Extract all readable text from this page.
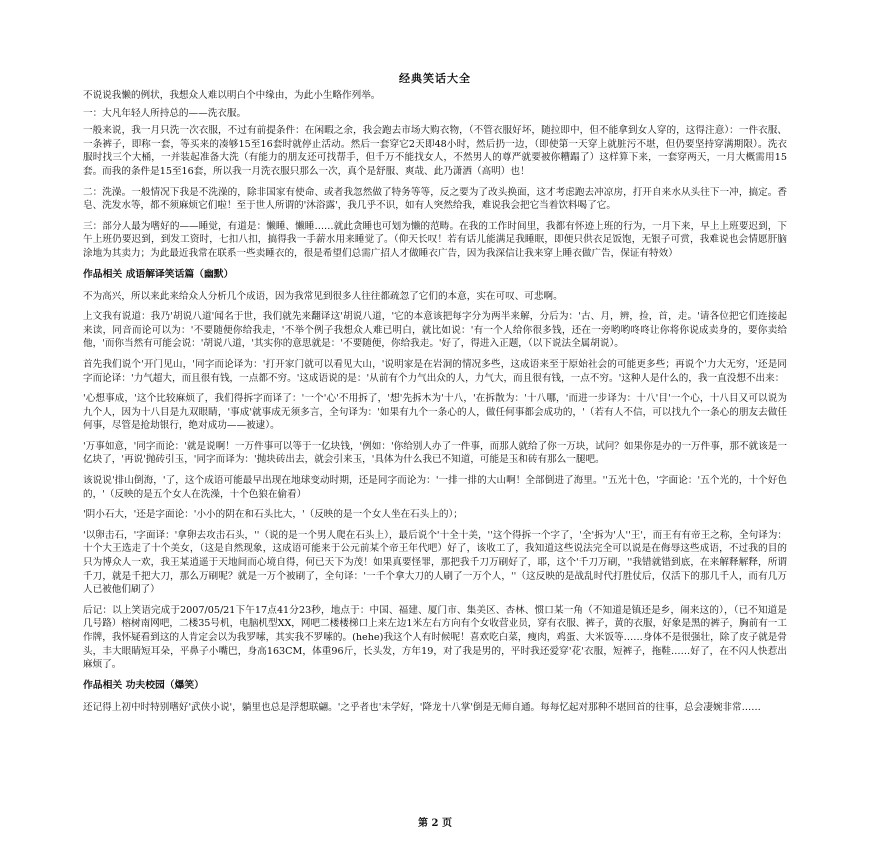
经典笑话大全

不说说我懒的例状，我想众人难以明白个中缘由，为此小生略作列举。

一：大凡年轻人所持总的——洗衣服。

一般来说，我一月只洗一次衣服，不过有前提条件：在闲暇之余，我会跑去市场大购衣物，（不管衣服好坏，随拉即中，但不能拿到女人穿的，这得注意）：一件衣服、一条裤子，即称一套，等买来的凑够15至16套时就停止活动。然后一套穿它2天即48小时，然后扔一边，（即使第一天穿上就脏污不堪，但仍要坚持穿满期限）。洗衣服时找三个大桶，一并装起准备大洗（有能力的朋友还可找帮手，但千万不能找女人，不然男人的尊严就要被你糟蹋了）这样算下来，一套穿两天，一月大概需用15套。而我的条件是15至16套，所以我一月洗衣服只那么一次，真个是舒服、爽哉、此乃潇洒（高明）也！

二：洗澡。一般情况下我是不洗澡的，除非国家有使命、或者我忽然做了特务等等，反之要为了改头换面，这才考虑跑去冲凉房，打开自来水从头往下一冲，搞定。香皂、洗发水等，都不须麻烦它们啦！至于世人所谓的'沐浴露'，我几乎不识，如有人突然给我，难说我会把它当着饮料喝了它。

三：部分人最为嗜好的——睡觉，有道是：懒睡、懒睡……就此贪睡也可划为懒的范畴。在我的工作时间里，我都有怀迹上班的行为，一月下来，早上上班要迟到，下午上班仍要迟到，到发工资时，七扣八扣，搞得我一手薪水用来睡觉了。（仰天长叹！若有话儿能满足我睡眠，即便只供衣足饭饱，无银子可赏，我难说也会情愿肝脑涂地为其卖力；为此最近我常在联系一些卖睡衣的，很是希望们总需广招人才做睡衣广告，因为我深信让我来穿上睡衣做广告，保证有特效）

作品相关 成语解译笑话篇（幽默）

不为高兴，所以来此来给众人分析几个成语，因为我常见到很多人往往都疏忽了它们的本意，实在可叹、可悲啊。

上文我有说道：我乃'胡说八道'闻名于世，我们就先来翻译这'胡说八道，'它的本意该把每字分为两半来解，分后为：'古、月，辨，捡，首，走。'请各位把它们连接起来读，同音而论可以为：'不要随便你给我走，'不举个例子我想众人难已明白，就比如说：'有一个人给你很多钱，还在一旁哟哟咚咚让你将你说成卖身的，要你卖给他，'而你当然有可能会说：'胡说八道，'其实你的意思就是：'不要随便，你给我走。'好了，得进入正题，（以下说法全属胡说）。

首先我们说个'开门见山，'同字而论译为：'打开家门就可以看见大山，'说明家是在岩洞的情况多些，这成语来至于原始社会的可能更多些；再说个'力大无穷，'还是同字而论译：'力气超大，而且很有钱，一点都不穷。'这成语说的是：'从前有个力气出众的人，力气大，而且很有钱，一点不穷。'这种人是什么的，我一直没想不出来：

'心想事成，'这个比较麻烦了，我们得拆字而译了：'一个'心'不用拆了，'想'先拆木为'十八，'在拆散为：'十八哪，'而进一步译为：十八'目'一个心，十八目又可以说为九个人，因为十八目是九双眼睛，'事成'就事成无须多言，全句译为：'如果有九个一条心的人，做任何事都会成功的，'（若有人不信，可以找九个一条心的朋友去做任何事，尽管是抢劫银行，绝对成功——被逮）。

'万事如意，'同字而论：'就是说啊！一万件事可以等于一亿块钱，'例如：'你给别人办了一件事，而那人就给了你一万块，试问？如果你是办的一万件事，那不就该是一亿块了，'再说'抛砖引玉，'同字而译为：'抛块砖出去，就会引来玉，'具体为什么我已不知道，可能是玉和砖有那么一腿吧。

该说说'排山倒海，'了，这个成语可能最早出现在地球变动时期，还是同字而论为：'一排一排的大山啊！全部倒进了海里。''五光十色，'字面论：'五个光的，十个好色的，'（反映的是五个女人在洗澡，十个色狼在偷看）

'阴小石大，'还是字面论：'小小的阴在和石头比大，'（反映的是一个女人坐在石头上的）；

'以卵击石，'字面译：'拿卵去攻击石头，''（说的是一个男人爬在石头上），最后说个'十全十美，''这个得拆一个字了，'全'拆为'人''王'，而王有有帝王之称，全句译为：十个大王选走了十个美女，（这是自然现象，这成语可能来于公元前某个帝王年代吧）好了，该收工了，我知道这些说法完全可以说是在侮辱这些成语，不过我的目的只为博众人一欢，我王某逍遥于天地间而心境自得，何已天下为茂！如果真要怪罪，那把我千刀万刷好了，耶，这个'千刀万刷，''我错就错到底，在来解释解释，所谓千刀，就是千把大刀，那么万刷呢？就是一万个被刷了，全句译：'一千个拿大刀的人刷了一万个人，''（这反映的是战乱时代打胜仗后，仅活下的那几千人，而有几万人已被他们刷了）

后记：以上笑语完成于2007/05/21下午17点41分23秒，地点于：中国、福建、厦门市、集美区、杏林、惯口某一角（不知道是镇还是乡，闹来这的），（已不知道是几号路）榕树南网吧，二楼35号机，电脑机型XX，网吧二楼楼梯口上来左边1米左右方向有个女收营业员，穿有衣服、裤子，黄的衣服，好象是黑的裤子，胸前有一工作牌，我怀疑看到这的人肯定会以为我罗嗦，其实我不罗嗦的。(hehe)我这个人有时候呢！喜欢吃白菜，瘦肉，鸡蛋、大米饭等……身体不是很强壮，除了皮子就是骨头，丰大眼睛短耳朵，平鼻子小嘴巴，身高163CM，体重96斤，长头发，方年19，对了我是男的，平时我还爱穿'花'衣服，短裤子，拖鞋……好了，在不闪人快惹出麻烦了。

作品相关 功夫校园（爆笑）

还记得上初中时特别嗜好'武侠小说'，躺里也总是浮想联翩。'之乎者也'未学好，'降龙十八掌'倒是无师自通。每每忆起对那种不堪回首的往事，总会凄婉非常……

第 2 页
